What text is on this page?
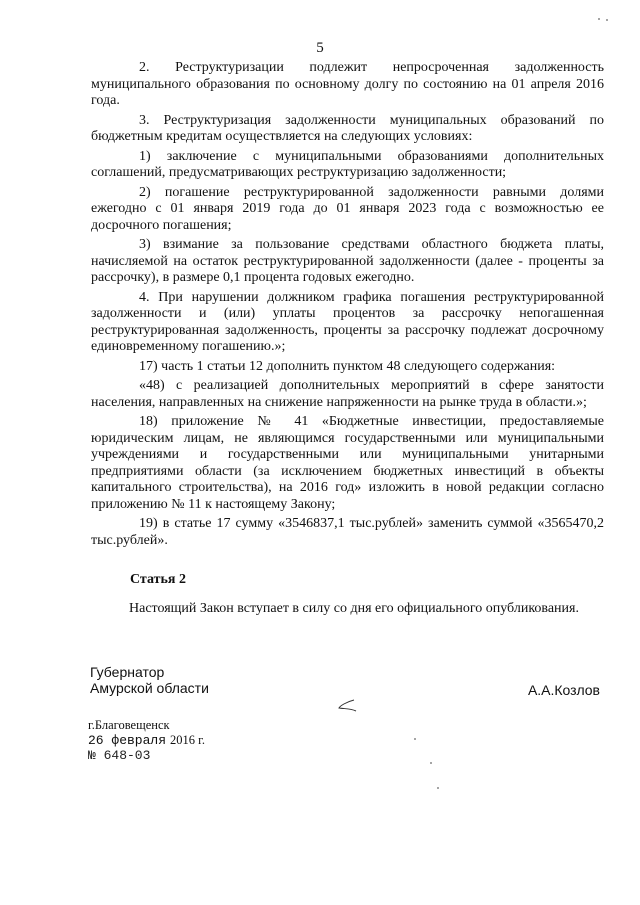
5

2. Реструктуризации подлежит непросроченная задолженность муниципального образования по основному долгу по состоянию на 01 апреля 2016 года.

3. Реструктуризация задолженности муниципальных образований по бюджетным кредитам осуществляется на следующих условиях:

1) заключение с муниципальными образованиями дополнительных соглашений, предусматривающих реструктуризацию задолженности;

2) погашение реструктурированной задолженности равными долями ежегодно с 01 января 2019 года до 01 января 2023 года с возможностью ее досрочного погашения;

3) взимание за пользование средствами областного бюджета платы, начисляемой на остаток реструктурированной задолженности (далее - проценты за рассрочку), в размере 0,1 процента годовых ежегодно.

4. При нарушении должником графика погашения реструктурированной задолженности и (или) уплаты процентов за рассрочку непогашенная реструктурированная задолженность, проценты за рассрочку подлежат досрочному единовременному погашению.»;

17) часть 1 статьи 12 дополнить пунктом 48 следующего содержания:

«48) с реализацией дополнительных мероприятий в сфере занятости населения, направленных на снижение напряженности на рынке труда в области.»;

18) приложение № 41 «Бюджетные инвестиции, предоставляемые юридическим лицам, не являющимся государственными или муниципальными учреждениями и государственными или муниципальными унитарными предприятиями области (за исключением бюджетных инвестиций в объекты капитального строительства), на 2016 год» изложить в новой редакции согласно приложению № 11 к настоящему Закону;

19) в статье 17 сумму «3546837,1 тыс.рублей» заменить суммой «3565470,2 тыс.рублей».

Статья 2
Настоящий Закон вступает в силу со дня его официального опубликования.
Губернатор
Амурской области	А.А.Козлов
г.Благовещенск
26 февраля 2016 г.
№ 648-03
